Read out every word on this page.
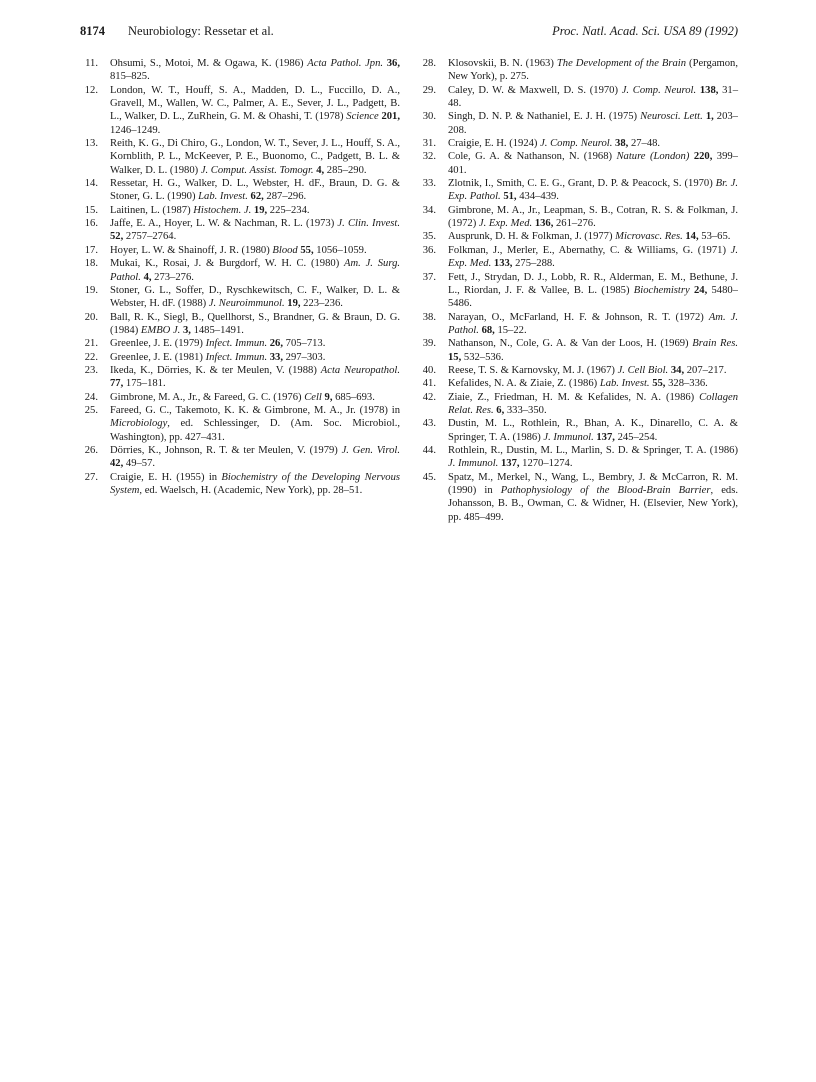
8174 Neurobiology: Ressetar et al.	Proc. Natl. Acad. Sci. USA 89 (1992)
11. Ohsumi, S., Motoi, M. & Ogawa, K. (1986) Acta Pathol. Jpn. 36, 815–825.
12. London, W. T., Houff, S. A., Madden, D. L., Fuccillo, D. A., Gravell, M., Wallen, W. C., Palmer, A. E., Sever, J. L., Padgett, B. L., Walker, D. L., ZuRhein, G. M. & Ohashi, T. (1978) Science 201, 1246–1249.
13. Reith, K. G., Di Chiro, G., London, W. T., Sever, J. L., Houff, S. A., Kornblith, P. L., McKeever, P. E., Buonomo, C., Padgett, B. L. & Walker, D. L. (1980) J. Comput. Assist. Tomogr. 4, 285–290.
14. Ressetar, H. G., Walker, D. L., Webster, H. dF., Braun, D. G. & Stoner, G. L. (1990) Lab. Invest. 62, 287–296.
15. Laitinen, L. (1987) Histochem. J. 19, 225–234.
16. Jaffe, E. A., Hoyer, L. W. & Nachman, R. L. (1973) J. Clin. Invest. 52, 2757–2764.
17. Hoyer, L. W. & Shainoff, J. R. (1980) Blood 55, 1056–1059.
18. Mukai, K., Rosai, J. & Burgdorf, W. H. C. (1980) Am. J. Surg. Pathol. 4, 273–276.
19. Stoner, G. L., Soffer, D., Ryschkewitsch, C. F., Walker, D. L. & Webster, H. dF. (1988) J. Neuroimmunol. 19, 223–236.
20. Ball, R. K., Siegl, B., Quellhorst, S., Brandner, G. & Braun, D. G. (1984) EMBO J. 3, 1485–1491.
21. Greenlee, J. E. (1979) Infect. Immun. 26, 705–713.
22. Greenlee, J. E. (1981) Infect. Immun. 33, 297–303.
23. Ikeda, K., Dörries, K. & ter Meulen, V. (1988) Acta Neuropathol. 77, 175–181.
24. Gimbrone, M. A., Jr., & Fareed, G. C. (1976) Cell 9, 685–693.
25. Fareed, G. C., Takemoto, K. K. & Gimbrone, M. A., Jr. (1978) in Microbiology, ed. Schlessinger, D. (Am. Soc. Microbiol., Washington), pp. 427–431.
26. Dörries, K., Johnson, R. T. & ter Meulen, V. (1979) J. Gen. Virol. 42, 49–57.
27. Craigie, E. H. (1955) in Biochemistry of the Developing Nervous System, ed. Waelsch, H. (Academic, New York), pp. 28–51.
28. Klosovskii, B. N. (1963) The Development of the Brain (Pergamon, New York), p. 275.
29. Caley, D. W. & Maxwell, D. S. (1970) J. Comp. Neurol. 138, 31–48.
30. Singh, D. N. P. & Nathaniel, E. J. H. (1975) Neurosci. Lett. 1, 203–208.
31. Craigie, E. H. (1924) J. Comp. Neurol. 38, 27–48.
32. Cole, G. A. & Nathanson, N. (1968) Nature (London) 220, 399–401.
33. Zlotnik, I., Smith, C. E. G., Grant, D. P. & Peacock, S. (1970) Br. J. Exp. Pathol. 51, 434–439.
34. Gimbrone, M. A., Jr., Leapman, S. B., Cotran, R. S. & Folkman, J. (1972) J. Exp. Med. 136, 261–276.
35. Ausprunk, D. H. & Folkman, J. (1977) Microvasc. Res. 14, 53–65.
36. Folkman, J., Merler, E., Abernathy, C. & Williams, G. (1971) J. Exp. Med. 133, 275–288.
37. Fett, J., Strydan, D. J., Lobb, R. R., Alderman, E. M., Bethune, J. L., Riordan, J. F. & Vallee, B. L. (1985) Biochemistry 24, 5480–5486.
38. Narayan, O., McFarland, H. F. & Johnson, R. T. (1972) Am. J. Pathol. 68, 15–22.
39. Nathanson, N., Cole, G. A. & Van der Loos, H. (1969) Brain Res. 15, 532–536.
40. Reese, T. S. & Karnovsky, M. J. (1967) J. Cell Biol. 34, 207–217.
41. Kefalides, N. A. & Ziaie, Z. (1986) Lab. Invest. 55, 328–336.
42. Ziaie, Z., Friedman, H. M. & Kefalides, N. A. (1986) Collagen Relat. Res. 6, 333–350.
43. Dustin, M. L., Rothlein, R., Bhan, A. K., Dinarello, C. A. & Springer, T. A. (1986) J. Immunol. 137, 245–254.
44. Rothlein, R., Dustin, M. L., Marlin, S. D. & Springer, T. A. (1986) J. Immunol. 137, 1270–1274.
45. Spatz, M., Merkel, N., Wang, L., Bembry, J. & McCarron, R. M. (1990) in Pathophysiology of the Blood-Brain Barrier, eds. Johansson, B. B., Owman, C. & Widner, H. (Elsevier, New York), pp. 485–499.
